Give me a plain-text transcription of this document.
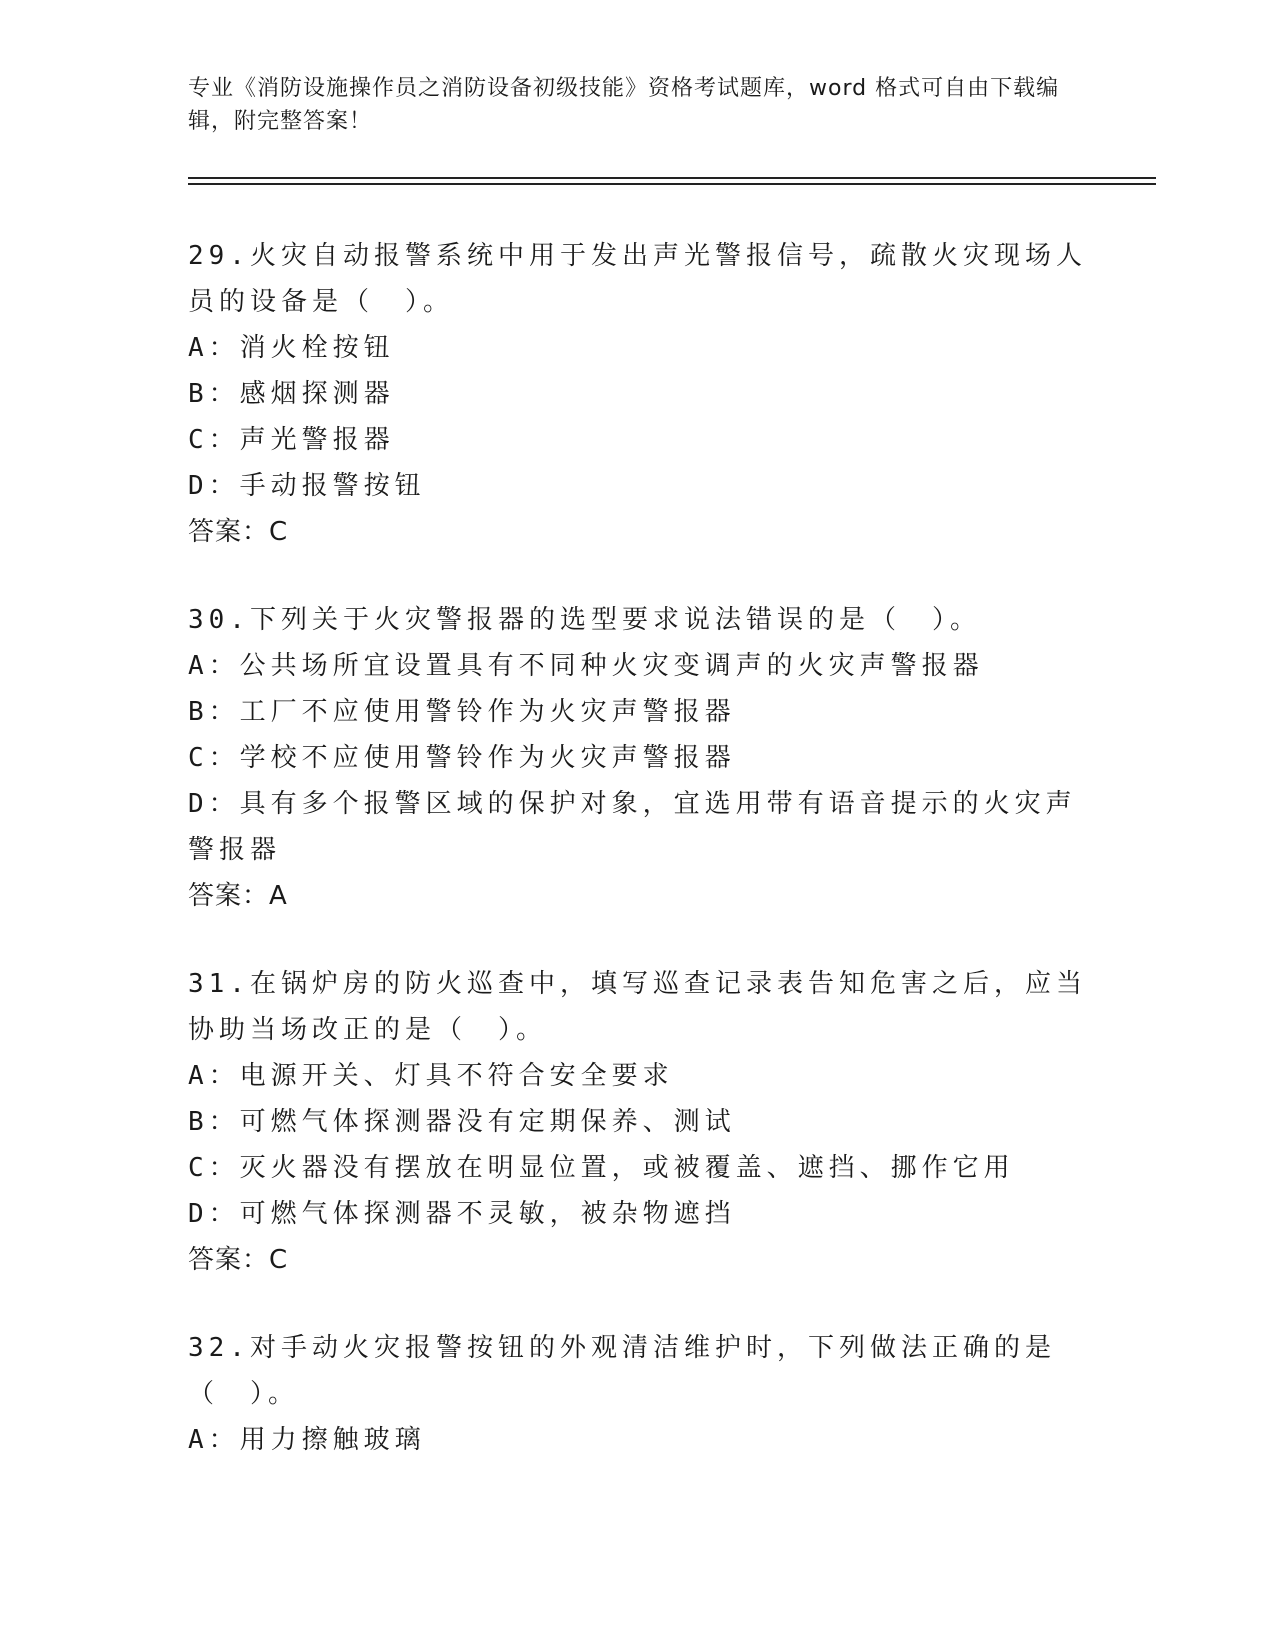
专业《消防设施操作员之消防设备初级技能》资格考试题库，word 格式可自由下载编辑，附完整答案！
29.火灾自动报警系统中用于发出声光警报信号，疏散火灾现场人员的设备是（　）。
A：消火栓按钮
B：感烟探测器
C：声光警报器
D：手动报警按钮
答案：C
30.下列关于火灾警报器的选型要求说法错误的是（　）。
A：公共场所宜设置具有不同种火灾变调声的火灾声警报器
B：工厂不应使用警铃作为火灾声警报器
C：学校不应使用警铃作为火灾声警报器
D：具有多个报警区域的保护对象，宜选用带有语音提示的火灾声警报器
答案：A
31.在锅炉房的防火巡查中，填写巡查记录表告知危害之后，应当协助当场改正的是（　）。
A：电源开关、灯具不符合安全要求
B：可燃气体探测器没有定期保养、测试
C：灭火器没有摆放在明显位置，或被覆盖、遮挡、挪作它用
D：可燃气体探测器不灵敏，被杂物遮挡
答案：C
32.对手动火灾报警按钮的外观清洁维护时，下列做法正确的是（　）。
A：用力擦触玻璃
